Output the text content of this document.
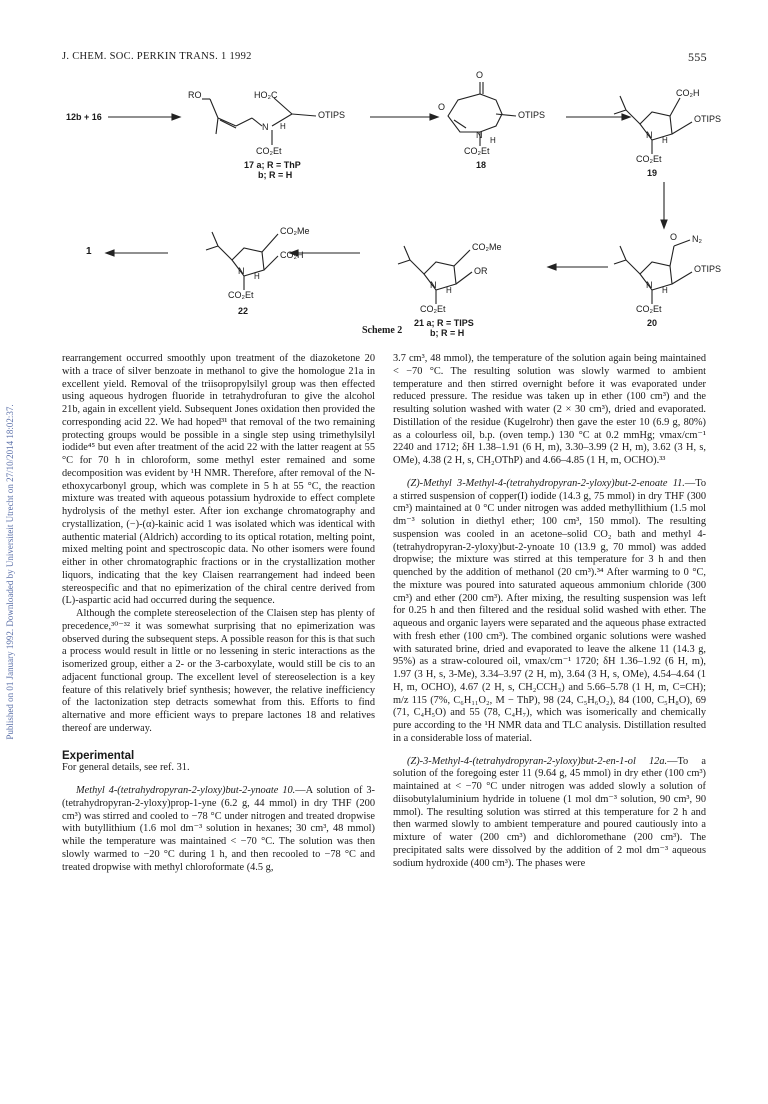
J. CHEM. SOC. PERKIN TRANS. 1 1992	555
Published on 01 January 1992. Downloaded by Universiteit Utrecht on 27/10/2014 18:02:37.
12b + 16
RO	HO₂C
N H
OTIPS
CO₂Et
17 a; R = ThP
b; R = H
O
O
N
H
OTIPS
CO₂Et
18
CO₂H
OTIPS
N
H
CO₂Et
19
O N₂
OTIPS
N
H
CO₂Et
20
CO₂Me
OR
N
H
CO₂Et
21 a; R = TIPS
b; R = H
CO₂Me
CO₂H
N
H
CO₂Et
22
1
Scheme 2

rearrangement occurred smoothly upon treatment of the diazoketone 20 with a trace of silver benzoate in methanol to give the homologue 21a in excellent yield. Removal of the triisopropylsilyl group was then effected using aqueous hydrogen fluoride in tetrahydrofuran to give the alcohol 21b, again in excellent yield. Subsequent Jones oxidation then provided the corresponding acid 22. We had hoped³¹ that removal of the two remaining protecting groups would be possible in a single step using trimethylsilyl iodide⁴⁵ but even after treatment of the acid 22 with the latter reagent at 55 °C for 70 h in chloroform, some methyl ester remained and some decomposition was evident by ¹H NMR. Therefore, after removal of the N-ethoxycarbonyl group, which was complete in 5 h at 55 °C, the reaction mixture was treated with aqueous potassium hydroxide to effect complete hydrolysis of the methyl ester. After ion exchange chromatography and crystallization, (−)-(α)-kainic acid 1 was isolated which was identical with authentic material (Aldrich) according to its optical rotation, melting point, mixed melting point and spectroscopic data. No other isomers were found either in other chromatographic fractions or in the crystallization mother liquors, indicating that the key Claisen rearrangement had indeed been stereospecific and that no epimerization of the chiral centre derived from (L)-aspartic acid had occurred during the sequence.

Although the complete stereoselection of the Claisen step has plenty of precedence,³⁰⁻³² it was somewhat surprising that no epimerization was observed during the subsequent steps. A possible reason for this is that such a process would result in little or no lessening in steric interactions as the isomerized group, either a 2- or the 3-carboxylate, would still be cis to an adjacent functional group. The excellent level of stereoselection is a key feature of this relatively brief synthesis; however, the relative inefficiency of the lactonization step detracts somewhat from this. Efforts to find alternative and more efficient ways to prepare lactones 18 and relatives thereof are underway.

Experimental

For general details, see ref. 31.

Methyl 4-(tetrahydropyran-2-yloxy)but-2-ynoate 10.—A solution of 3-(tetrahydropyran-2-yloxy)prop-1-yne (6.2 g, 44 mmol) in dry THF (200 cm³) was stirred and cooled to −78 °C under nitrogen and treated dropwise with butyllithium (1.6 mol dm⁻³ solution in hexanes; 30 cm³, 48 mmol) while the temperature was maintained < −70 °C. The solution was then slowly warmed to −20 °C during 1 h, and then recooled to −78 °C and treated dropwise with methyl chloroformate (4.5 g,

3.7 cm³, 48 mmol), the temperature of the solution again being maintained < −70 °C. The resulting solution was slowly warmed to ambient temperature and then stirred overnight before it was evaporated under reduced pressure. The residue was taken up in ether (100 cm³) and the resulting solution washed with water (2 × 30 cm³), dried and evaporated. Distillation of the residue (Kugelrohr) then gave the ester 10 (6.9 g, 80%) as a colourless oil, b.p. (oven temp.) 130 °C at 0.2 mmHg; νmax/cm⁻¹ 2240 and 1712; δH 1.38–1.91 (6 H, m), 3.30–3.99 (2 H, m), 3.62 (3 H, s, OMe), 4.38 (2 H, s, CH₂OThP) and 4.66–4.85 (1 H, m, OCHO).³³

(Z)-Methyl 3-Methyl-4-(tetrahydropyran-2-yloxy)but-2-enoate 11.—To a stirred suspension of copper(I) iodide (14.3 g, 75 mmol) in dry THF (300 cm³) maintained at 0 °C under nitrogen was added methyllithium (1.5 mol dm⁻³ solution in diethyl ether; 100 cm³, 150 mmol). The resulting suspension was cooled in an acetone–solid CO₂ bath and methyl 4-(tetrahydropyran-2-yloxy)but-2-ynoate 10 (13.9 g, 70 mmol) was added dropwise; the mixture was stirred at this temperature for 3 h and then quenched by the addition of methanol (20 cm³).³⁴ After warming to 0 °C, the mixture was poured into saturated aqueous ammonium chloride (300 cm³) and ether (200 cm³). After mixing, the resulting suspension was left for 0.25 h and then filtered and the residual solid washed with ether. The aqueous and organic layers were separated and the aqueous phase extracted with fresh ether (100 cm³). The combined organic solutions were washed with saturated brine, dried and evaporated to leave the alkene 11 (14.3 g, 95%) as a straw-coloured oil, νmax/cm⁻¹ 1720; δH 1.36–1.92 (6 H, m), 1.97 (3 H, s, 3-Me), 3.34–3.97 (2 H, m), 3.64 (3 H, s, OMe), 4.54–4.64 (1 H, m, OCHO), 4.67 (2 H, s, CH₂CCH₃) and 5.66–5.78 (1 H, m, C=CH); m/z 115 (7%, C₆H₁₁O₂, M − ThP), 98 (24, C₅H₆O₂), 84 (100, C₅H₈O), 69 (71, C₄H₅O) and 55 (78, C₄H₇), which was isomerically and chemically pure according to the ¹H NMR data and TLC analysis. Distillation resulted in a considerable loss of material.

(Z)-3-Methyl-4-(tetrahydropyran-2-yloxy)but-2-en-1-ol 12a.—To a solution of the foregoing ester 11 (9.64 g, 45 mmol) in dry ether (100 cm³) maintained at < −70 °C under nitrogen was added slowly a solution of diisobutylaluminium hydride in toluene (1 mol dm⁻³ solution, 90 cm³, 90 mmol). The resulting solution was stirred at this temperature for 2 h and then warmed slowly to ambient temperature and poured cautiously into a mixture of water (200 cm³) and dichloromethane (200 cm³). The precipitated salts were dissolved by the addition of 2 mol dm⁻³ aqueous sodium hydroxide (400 cm³). The phases were
